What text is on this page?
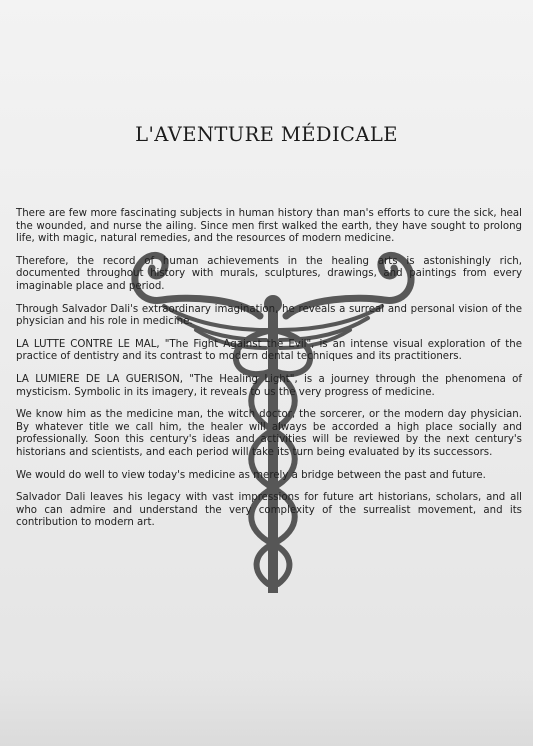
L'AVENTURE MÉDICALE

There are few more fascinating subjects in human history than man's efforts to cure the sick, heal the wounded, and nurse the ailing. Since men first walked the earth, they have sought to prolong life, with magic, natural remedies, and the resources of modern medicine.

Therefore, the record of human achievements in the healing arts is astonishingly rich, documented throughout history with murals, sculptures, drawings, and paintings from every imaginable place and period.

Through Salvador Dali's extraordinary imagination, he reveals a surreal and personal vision of the physician and his role in medicine.

LA LUTTE CONTRE LE MAL, "The Fight Against the Evil", is an intense visual exploration of the practice of dentistry and its contrast to modern dental techniques and its practitioners.

LA LUMIERE DE LA GUERISON, "The Healing Light", is a journey through the phenomena of mysticism. Symbolic in its imagery, it reveals to us the very progress of medicine.

We know him as the medicine man, the witch doctor, the sorcerer, or the modern day physician. By whatever title we call him, the healer will always be accorded a high place socially and professionally. Soon this century's ideas and activities will be reviewed by the next century's historians and scientists, and each period will take its turn being evaluated by its successors.

We would do well to view today's medicine as merely a bridge between the past and future.

Salvador Dali leaves his legacy with vast impressions for future art historians, scholars, and all who can admire and understand the very complexity of the surrealist movement, and its contribution to modern art.
